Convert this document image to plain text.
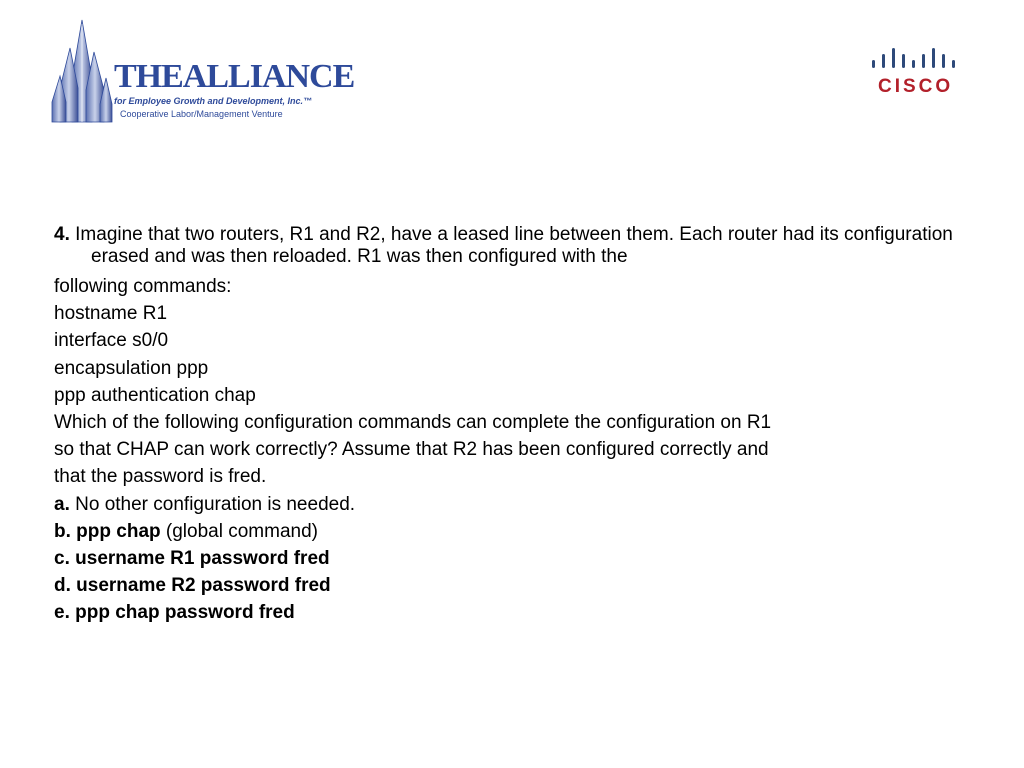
THEALLIANCE
for Employee Growth and Development, Inc.™
Cooperative Labor/Management Venture
CISCO
4. Imagine that two routers, R1 and R2, have a leased line between them. Each router had its configuration erased and was then reloaded. R1 was then configured with the
following commands:
hostname R1
interface s0/0
encapsulation ppp
ppp authentication chap
Which of the following configuration commands can complete the configuration on R1
so that CHAP can work correctly? Assume that R2 has been configured correctly and
that the password is fred.
a. No other configuration is needed.
b. ppp chap (global command)
c. username R1 password fred
d. username R2 password fred
e. ppp chap password fred
